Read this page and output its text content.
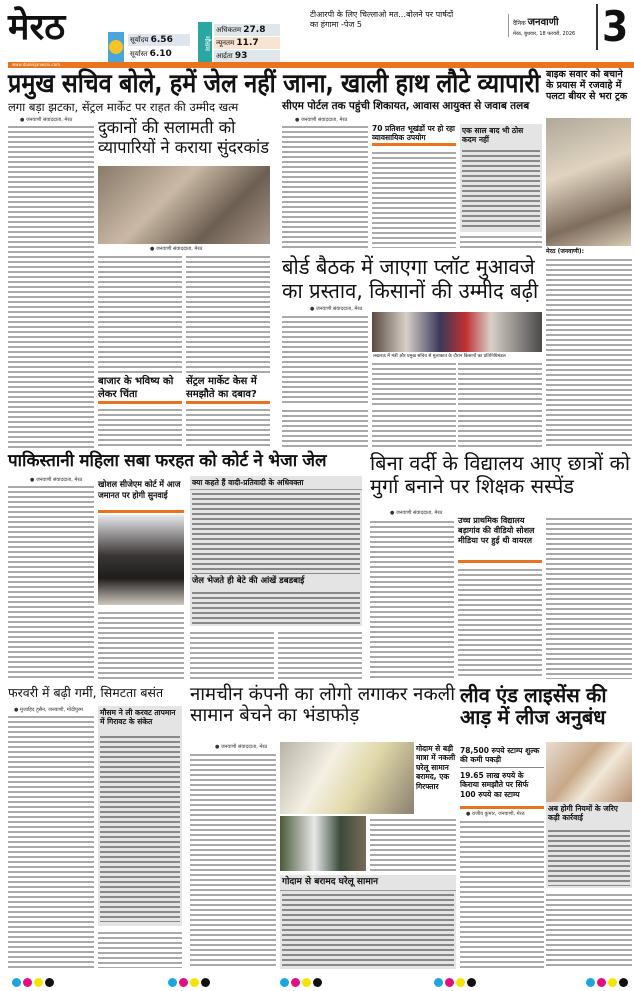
मेरठ	सूर्योदय 6.56
सूर्यास्त 6.10
मौसम
अधिकतम 27.8
न्यूनतम 11.7
आर्द्रता 93
टीआरपी के लिए चिल्लाओ मत…बोलने पर पार्षदों का हंगामा -पेज 5	दैनिक जनवाणी
मेरठ, बुधवार, 18 फरवरी, 2026 3
www.dainikjanwani.com
प्रमुख सचिव बोले, हमें जेल नहीं जाना, खाली हाथ लौटे व्यापारी
लगा बड़ा झटका, सेंट्रल मार्केट पर राहत की उम्मीद खत्म	सीएम पोर्टल तक पहुंची शिकायत, आवास आयुक्त से जवाब तलब
● जनवाणी संवाददाता, मेरठ दुकानों की सलामती को व्यापारियों ने कराया सुंदरकांड
● जनवाणी संवाददाता, मेरठ
बाजार के भविष्य को लेकर चिंता
सेंट्रल मार्केट केस में समझौते का दबाव?
● जनवाणी संवाददाता, मेरठ
70 प्रतिशत भूखंडों पर हो रहा व्यावसायिक उपयोग
एक साल बाद भी ठोस कदम नहीं
बाइक सवार को बचाने के प्रयास में रजवाहे में पलटा बीयर से भरा ट्रक
मेरठ (जनवाणी):
बोर्ड बैठक में जाएगा प्लॉट मुआवजे का प्रस्ताव, किसानों की उम्मीद बढ़ी
● जनवाणी संवाददाता, मेरठ
लखनऊ में मंत्री और प्रमुख सचिव से मुलाकात के दौरान किसानों का प्रतिनिधिमंडल
पाकिस्तानी महिला सबा फरहत को कोर्ट ने भेजा जेल
● जनवाणी संवाददाता, मेरठ खोशल सीजेएम कोर्ट में आज जमानत पर होगी सुनवाई
क्या कहते हैं वादी-प्रतिवादी के अधिवक्ता
जेल भेजते ही बेटे की आंखें डबडबाई
बिना वर्दी के विद्यालय आए छात्रों को मुर्गा बनाने पर शिक्षक सस्पेंड
● जनवाणी संवाददाता, मेरठ
उच्च प्राथमिक विद्यालय बड़ागांव की वीडियो सोशल मीडिया पर हुई थी वायरल
फरवरी में बढ़ी गर्मी, सिमटता बसंत
● मुजाहिद हुसैन, जनवाणी, मोदीपुरम मौसम ने ली करवट तापमान में गिरावट के संकेत
नामचीन कंपनी का लोगो लगाकर नकली सामान बेचने का भंडाफोड़
● जनवाणी संवाददाता, मेरठ	गोदाम से बड़ी मात्रा में नकली घरेलू सामान बरामद, एक गिरफ्तार
गोदाम से बरामद घरेलू सामान
लीव एंड लाइसेंस की आड़ में लीज अनुबंध
78,500 रुपये स्टाम्प शुल्क की कमी पकड़ी
19.65 लाख रुपये के किराया समझौते पर सिर्फ 100 रुपये का स्टाम्प
● राजीव कुमार, जनवाणी, मेरठ
अब होगी नियमों के जरिए कड़ी कार्रवाई
